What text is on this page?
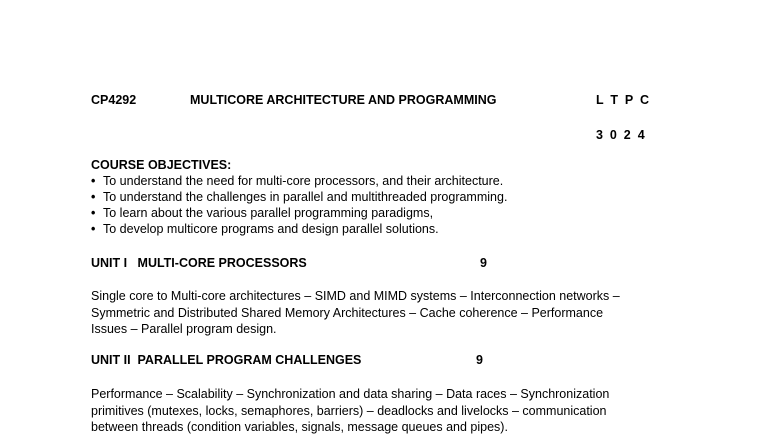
CP4292	MULTICORE ARCHITECTURE AND PROGRAMMING	L  T  P  C
3  0  2  4
COURSE OBJECTIVES:
• To understand the need for multi-core processors, and their architecture.
• To understand the challenges in parallel and multithreaded programming.
• To learn about the various parallel programming paradigms,
• To develop multicore programs and design parallel solutions.
UNIT I   MULTI-CORE PROCESSORS	9
Single core to Multi-core architectures – SIMD and MIMD systems – Interconnection networks –
Symmetric and Distributed Shared Memory Architectures – Cache coherence – Performance
Issues – Parallel program design.
UNIT II  PARALLEL PROGRAM CHALLENGES	9
Performance – Scalability – Synchronization and data sharing – Data races – Synchronization
primitives (mutexes, locks, semaphores, barriers) – deadlocks and livelocks – communication
between threads (condition variables, signals, message queues and pipes).
